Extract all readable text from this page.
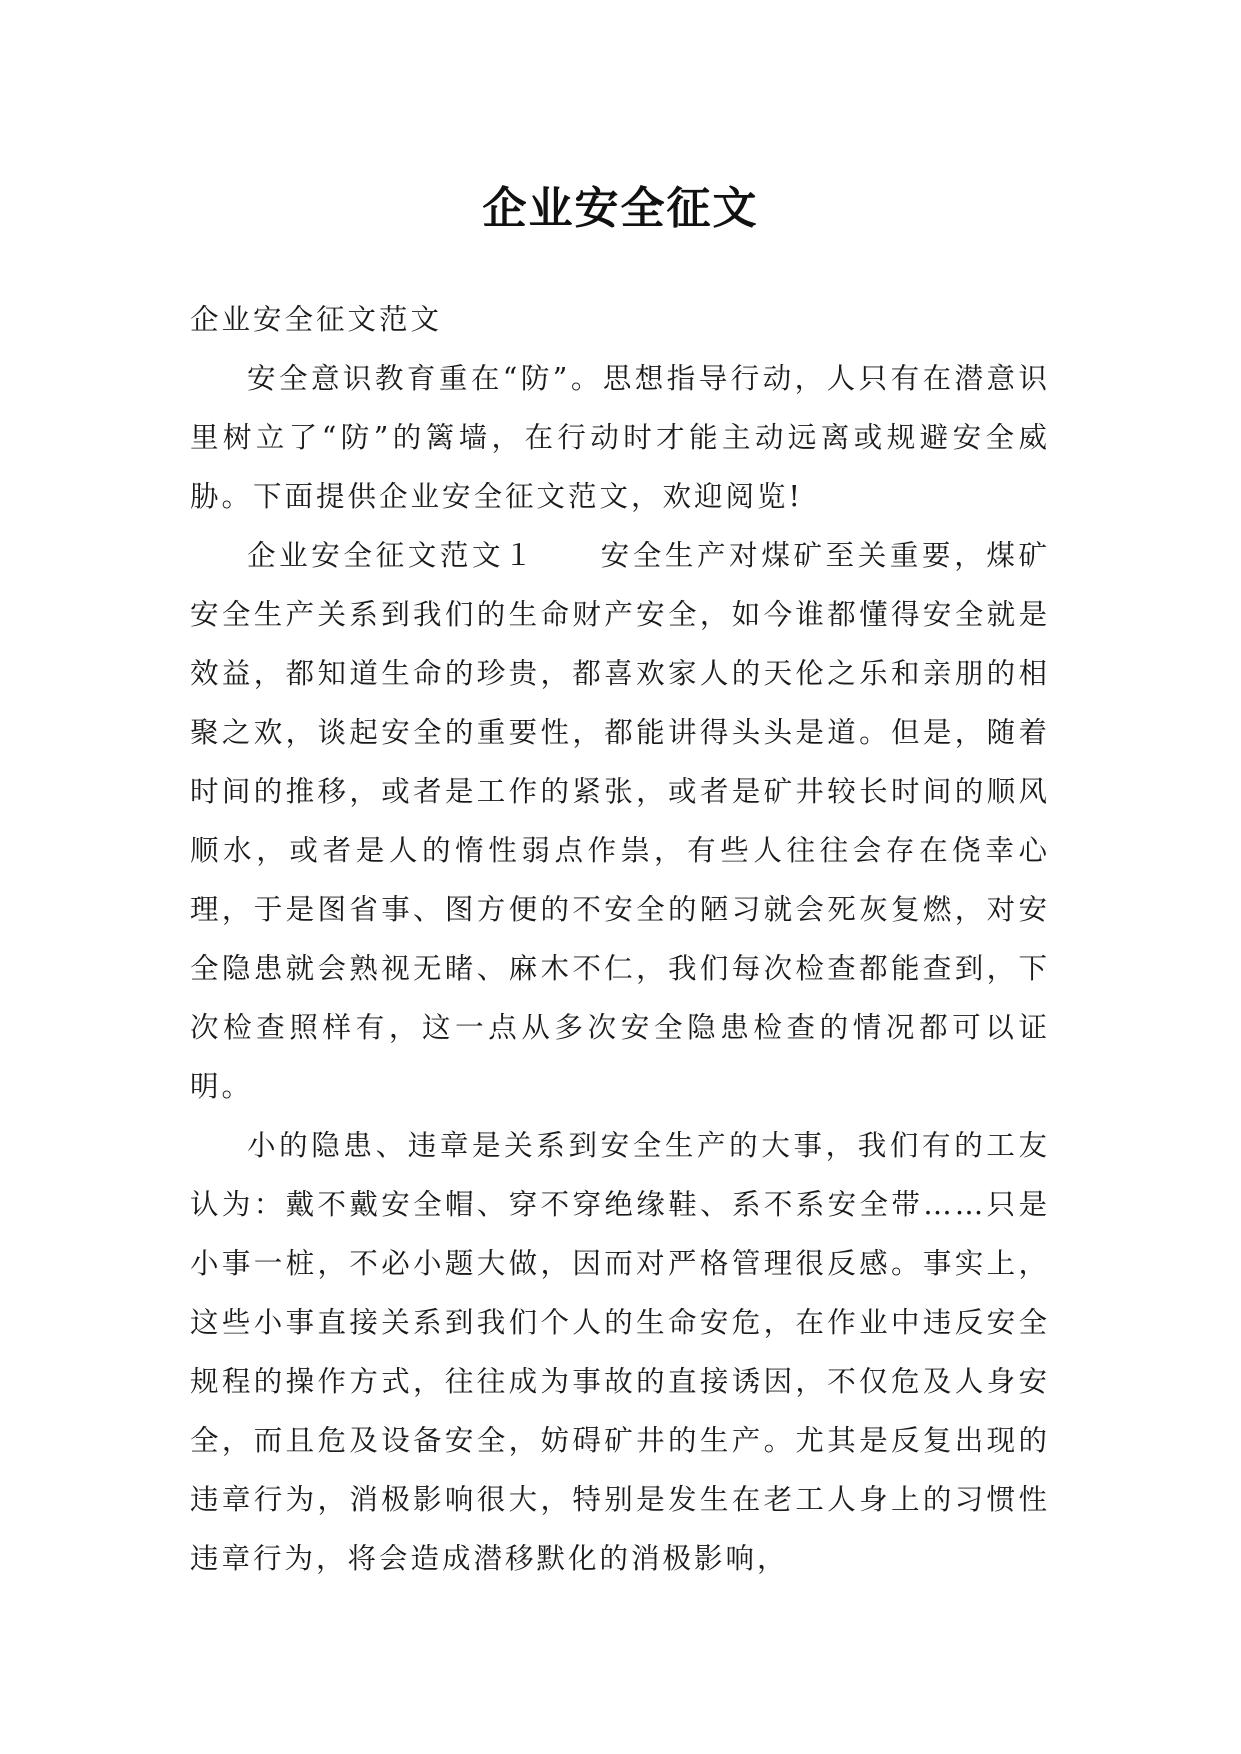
企业安全征文

企业安全征文范文

安全意识教育重在“防”。思想指导行动，人只有在潜意识里树立了“防”的篱墙，在行动时才能主动远离或规避安全威胁。下面提供企业安全征文范文，欢迎阅览!

企业安全征文范文１　　安全生产对煤矿至关重要，煤矿安全生产关系到我们的生命财产安全，如今谁都懂得安全就是效益，都知道生命的珍贵，都喜欢家人的天伦之乐和亲朋的相聚之欢，谈起安全的重要性，都能讲得头头是道。但是，随着时间的推移，或者是工作的紧张，或者是矿井较长时间的顺风顺水，或者是人的惰性弱点作祟，有些人往往会存在侥幸心理，于是图省事、图方便的不安全的陋习就会死灰复燃，对安全隐患就会熟视无睹、麻木不仁，我们每次检查都能查到，下次检查照样有，这一点从多次安全隐患检查的情况都可以证明。

小的隐患、违章是关系到安全生产的大事，我们有的工友认为：戴不戴安全帽、穿不穿绝缘鞋、系不系安全带……只是小事一桩，不必小题大做，因而对严格管理很反感。事实上，这些小事直接关系到我们个人的生命安危，在作业中违反安全规程的操作方式，往往成为事故的直接诱因，不仅危及人身安全，而且危及设备安全，妨碍矿井的生产。尤其是反复出现的违章行为，消极影响很大，特别是发生在老工人身上的习惯性违章行为，将会造成潜移默化的消极影响，
